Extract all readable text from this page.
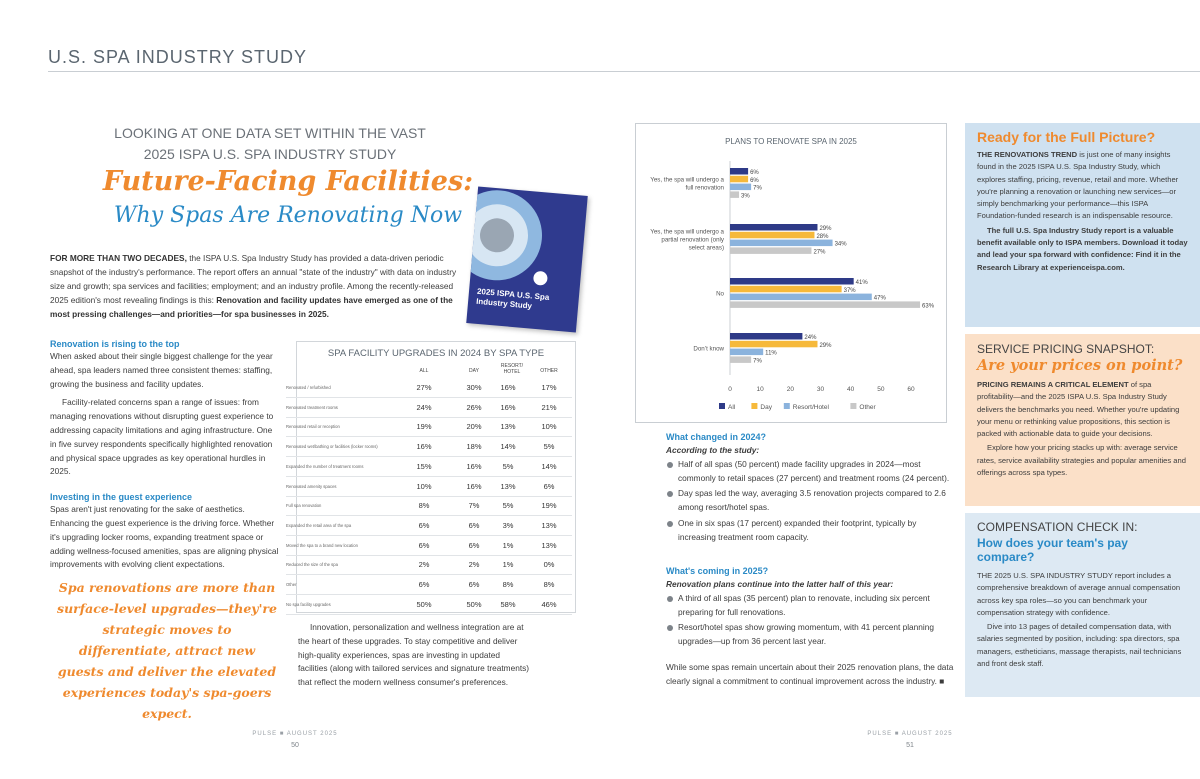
U.S. SPA INDUSTRY STUDY
LOOKING AT ONE DATA SET WITHIN THE VAST
2025 ISPA U.S. SPA INDUSTRY STUDY
Future-Facing Facilities:
Why Spas Are Renovating Now
2025 ISPA U.S. Spa Industry Study
FOR MORE THAN TWO DECADES, the ISPA U.S. Spa Industry Study has provided a data-driven periodic snapshot of the industry's performance. The report offers an annual "state of the industry" with data on industry size and growth; spa services and facilities; employment; and an industry profile. Among the recently-released 2025 edition's most revealing findings is this: Renovation and facility updates have emerged as one of the most pressing challenges—and priorities—for spa businesses in 2025.
Renovation is rising to the top
When asked about their single biggest challenge for the year ahead, spa leaders named three consistent themes: staffing, growing the business and facility updates.
Facility-related concerns span a range of issues: from managing renovations without disrupting guest experience to addressing capacity limitations and aging infrastructure. One in five survey respondents specifically highlighted renovation and physical space upgrades as key operational hurdles in 2025.
Investing in the guest experience
Spas aren't just renovating for the sake of aesthetics. Enhancing the guest experience is the driving force. Whether it's upgrading locker rooms, expanding treatment space or adding wellness-focused amenities, spas are aligning physical improvements with evolving client expectations.
Spa renovations are more than surface-level upgrades—they're strategic moves to differentiate, attract new guests and deliver the elevated experiences today's spa-goers expect.
SPA FACILITY UPGRADES IN 2024 BY SPA TYPE
ALL	DAY
RESORT/ HOTEL	OTHER
Renovated / refurbished	27%	30%	16%	17%
Renovated treatment rooms	24%	26%	16%	21%
Renovated retail or reception	19%	20%	13%	10%
Renovated wet/bathing or facilities (locker rooms)	16%	18%	14%	5%
Expanded the number of treatment rooms	15%	16%	5%	14%
Renovated amenity spaces	10%	16%	13%	6%
Full spa renovation	8%	7%	5%	19%
Expanded the retail area of the spa	6%	6%	3%	13%
Moved the spa to a brand new location	6%	6%	1%	13%
Reduced the size of the spa	2%	2%	1%	0%
Other	6%	6%	8%	8%
No spa facility upgrades	50%	50%	58%	46%
Innovation, personalization and wellness integration are at the heart of these upgrades. To stay competitive and deliver high-quality experiences, spas are investing in updated facilities (along with tailored services and signature treatments) that reflect the modern wellness consumer's preferences.
PLANS TO RENOVATE SPA IN 2025
Yes, the spa will undergo a full renovation
6%
6%
7%
3%
Yes, the spa will undergo a partial renovation (only select areas)
29%
28%
34%
27%
No
41%
37%
47%
63%
Don’t know
24%
29%
11%
7%
0	10	20	30	40	50	60
All	Day	Resort/Hotel	Other
What changed in 2024?
According to the study:
Half of all spas (50 percent) made facility upgrades in 2024—most commonly to retail spaces (27 percent) and treatment rooms (24 percent).
Day spas led the way, averaging 3.5 renovation projects compared to 2.6 among resort/hotel spas.
One in six spas (17 percent) expanded their footprint, typically by increasing treatment room capacity.
What's coming in 2025?
Renovation plans continue into the latter half of this year:
A third of all spas (35 percent) plan to renovate, including six percent preparing for full renovations.
Resort/hotel spas show growing momentum, with 41 percent planning upgrades—up from 36 percent last year.
While some spas remain uncertain about their 2025 renovation plans, the data clearly signal a commitment to continual improvement across the industry. ■
Ready for the Full Picture?
THE RENOVATIONS TREND is just one of many insights found in the 2025 ISPA U.S. Spa Industry Study, which explores staffing, pricing, revenue, retail and more. Whether you're planning a renovation or launching new services—or simply benchmarking your performance—this ISPA Foundation-funded research is an indispensable resource.
The full U.S. Spa Industry Study report is a valuable benefit available only to ISPA members. Download it today and lead your spa forward with confidence: Find it in the Research Library at experienceispa.com.
SERVICE PRICING SNAPSHOT:
Are your prices on point?
PRICING REMAINS A CRITICAL ELEMENT of spa profitability—and the 2025 ISPA U.S. Spa Industry Study delivers the benchmarks you need. Whether you're updating your menu or rethinking value propositions, this section is packed with actionable data to guide your decisions.
Explore how your pricing stacks up with: average service rates, service availability strategies and popular amenities and offerings across spa types.
COMPENSATION CHECK IN:
How does your team's pay compare?
THE 2025 U.S. SPA INDUSTRY STUDY report includes a comprehensive breakdown of average annual compensation across key spa roles—so you can benchmark your compensation strategy with confidence.
Dive into 13 pages of detailed compensation data, with salaries segmented by position, including: spa directors, spa managers, estheticians, massage therapists, nail technicians and front desk staff.
PULSE ■ AUGUST 2025
50
PULSE ■ AUGUST 2025
51
